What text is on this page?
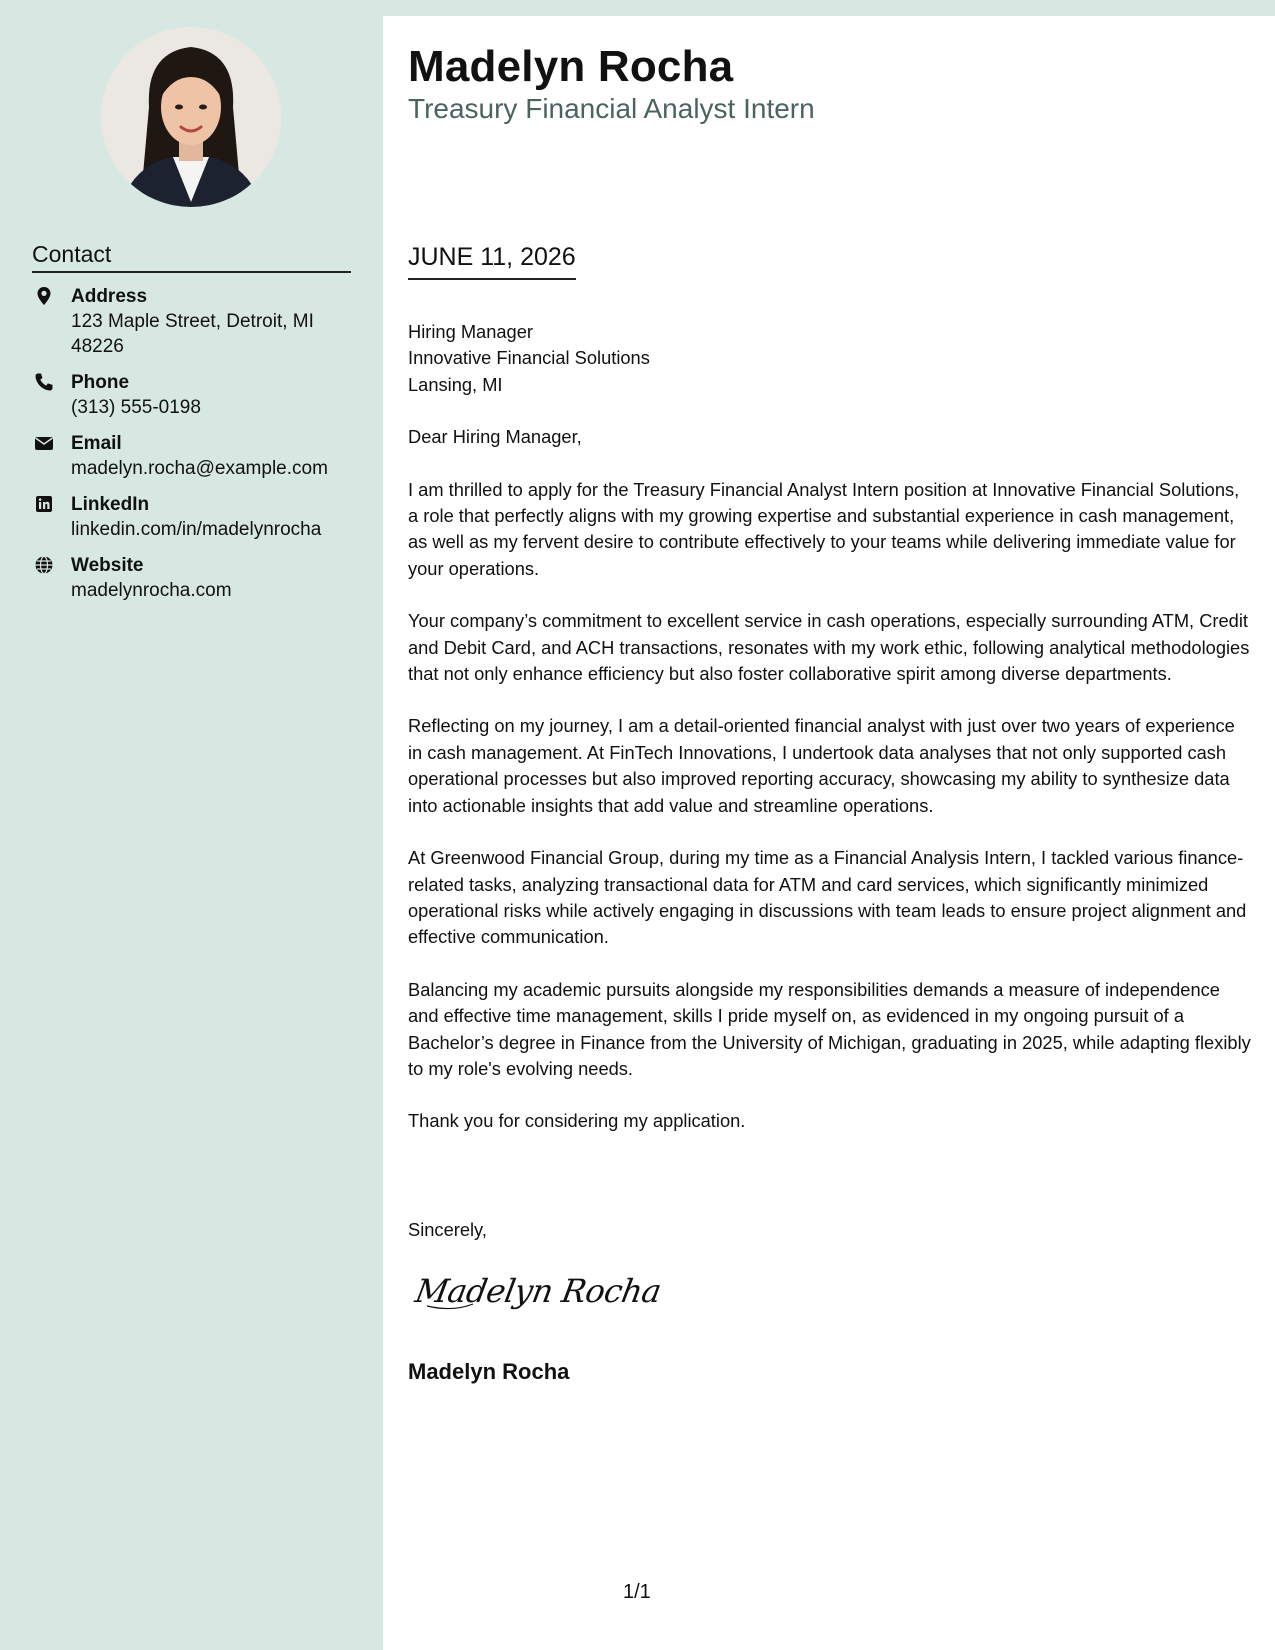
Contact
Address
123 Maple Street, Detroit, MI 48226
Phone
(313) 555-0198
Email
madelyn.rocha@example.com
LinkedIn
linkedin.com/in/madelynrocha
Website
madelynrocha.com
Madelyn Rocha
Treasury Financial Analyst Intern
JUNE 11, 2026
Hiring Manager
Innovative Financial Solutions
Lansing, MI

Dear Hiring Manager,

I am thrilled to apply for the Treasury Financial Analyst Intern position at Innovative Financial Solutions, a role that perfectly aligns with my growing expertise and substantial experience in cash management, as well as my fervent desire to contribute effectively to your teams while delivering immediate value for your operations.

Your company’s commitment to excellent service in cash operations, especially surrounding ATM, Credit and Debit Card, and ACH transactions, resonates with my work ethic, following analytical methodologies that not only enhance efficiency but also foster collaborative spirit among diverse departments.

Reflecting on my journey, I am a detail-oriented financial analyst with just over two years of experience in cash management. At FinTech Innovations, I undertook data analyses that not only supported cash operational processes but also improved reporting accuracy, showcasing my ability to synthesize data into actionable insights that add value and streamline operations.

At Greenwood Financial Group, during my time as a Financial Analysis Intern, I tackled various finance-related tasks, analyzing transactional data for ATM and card services, which significantly minimized operational risks while actively engaging in discussions with team leads to ensure project alignment and effective communication.

Balancing my academic pursuits alongside my responsibilities demands a measure of independence and effective time management, skills I pride myself on, as evidenced in my ongoing pursuit of a Bachelor’s degree in Finance from the University of Michigan, graduating in 2025, while adapting flexibly to my role's evolving needs.

Thank you for considering my application.

Sincerely,
Madelyn Rocha
Madelyn Rocha
1/1
